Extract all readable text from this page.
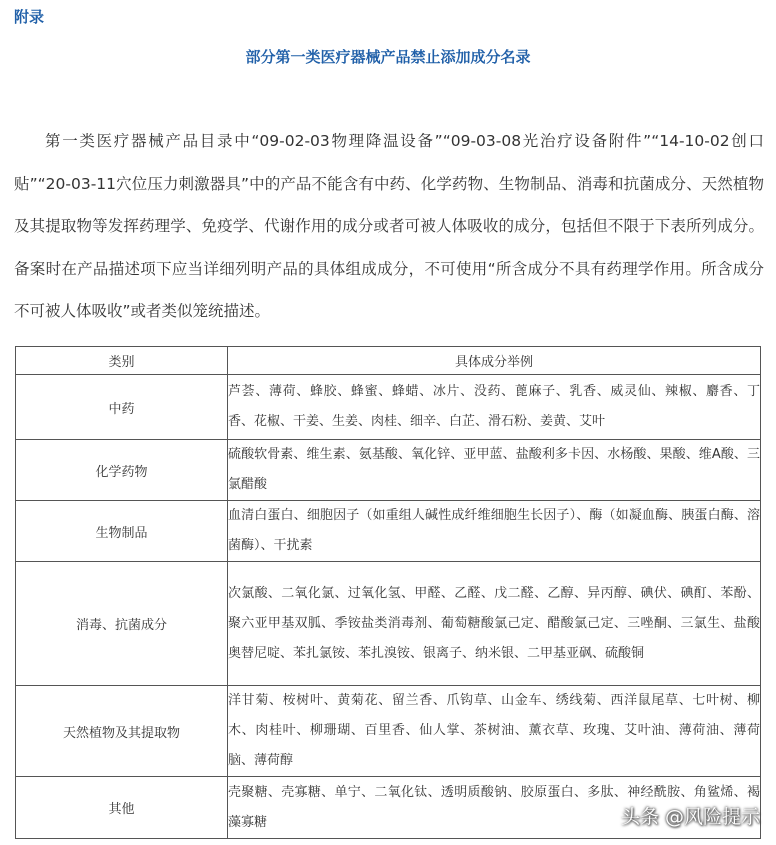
附录
部分第一类医疗器械产品禁止添加成分名录

第一类医疗器械产品目录中“09-02-03物理降温设备”“09-03-08光治疗设备附件”“14-10-02创口贴”“20-03-11穴位压力刺激器具”中的产品不能含有中药、化学药物、生物制品、消毒和抗菌成分、天然植物及其提取物等发挥药理学、免疫学、代谢作用的成分或者可被人体吸收的成分，包括但不限于下表所列成分。备案时在产品描述项下应当详细列明产品的具体组成成分，不可使用“所含成分不具有药理学作用。所含成分不可被人体吸收”或者类似笼统描述。

类别	具体成分举例
中药	芦荟、薄荷、蜂胶、蜂蜜、蜂蜡、冰片、没药、蓖麻子、乳香、威灵仙、辣椒、麝香、丁香、花椒、干姜、生姜、肉桂、细辛、白芷、滑石粉、姜黄、艾叶
化学药物	硫酸软骨素、维生素、氨基酸、氧化锌、亚甲蓝、盐酸利多卡因、水杨酸、果酸、维A酸、三氯醋酸
生物制品	血清白蛋白、细胞因子（如重组人碱性成纤维细胞生长因子）、酶（如凝血酶、胰蛋白酶、溶菌酶）、干扰素
消毒、抗菌成分	次氯酸、二氧化氯、过氧化氢、甲醛、乙醛、戊二醛、乙醇、异丙醇、碘伏、碘酊、苯酚、聚六亚甲基双胍、季铵盐类消毒剂、葡萄糖酸氯己定、醋酸氯己定、三唑酮、三氯生、盐酸奥替尼啶、苯扎氯铵、苯扎溴铵、银离子、纳米银、二甲基亚砜、硫酸铜
天然植物及其提取物	洋甘菊、桉树叶、黄菊花、留兰香、爪钩草、山金车、绣线菊、西洋鼠尾草、七叶树、柳木、肉桂叶、柳珊瑚、百里香、仙人掌、茶树油、薰衣草、玫瑰、艾叶油、薄荷油、薄荷脑、薄荷醇
其他	壳聚糖、壳寡糖、单宁、二氧化钛、透明质酸钠、胶原蛋白、多肽、神经酰胺、角鲨烯、褐藻寡糖	头条 @风险提示
